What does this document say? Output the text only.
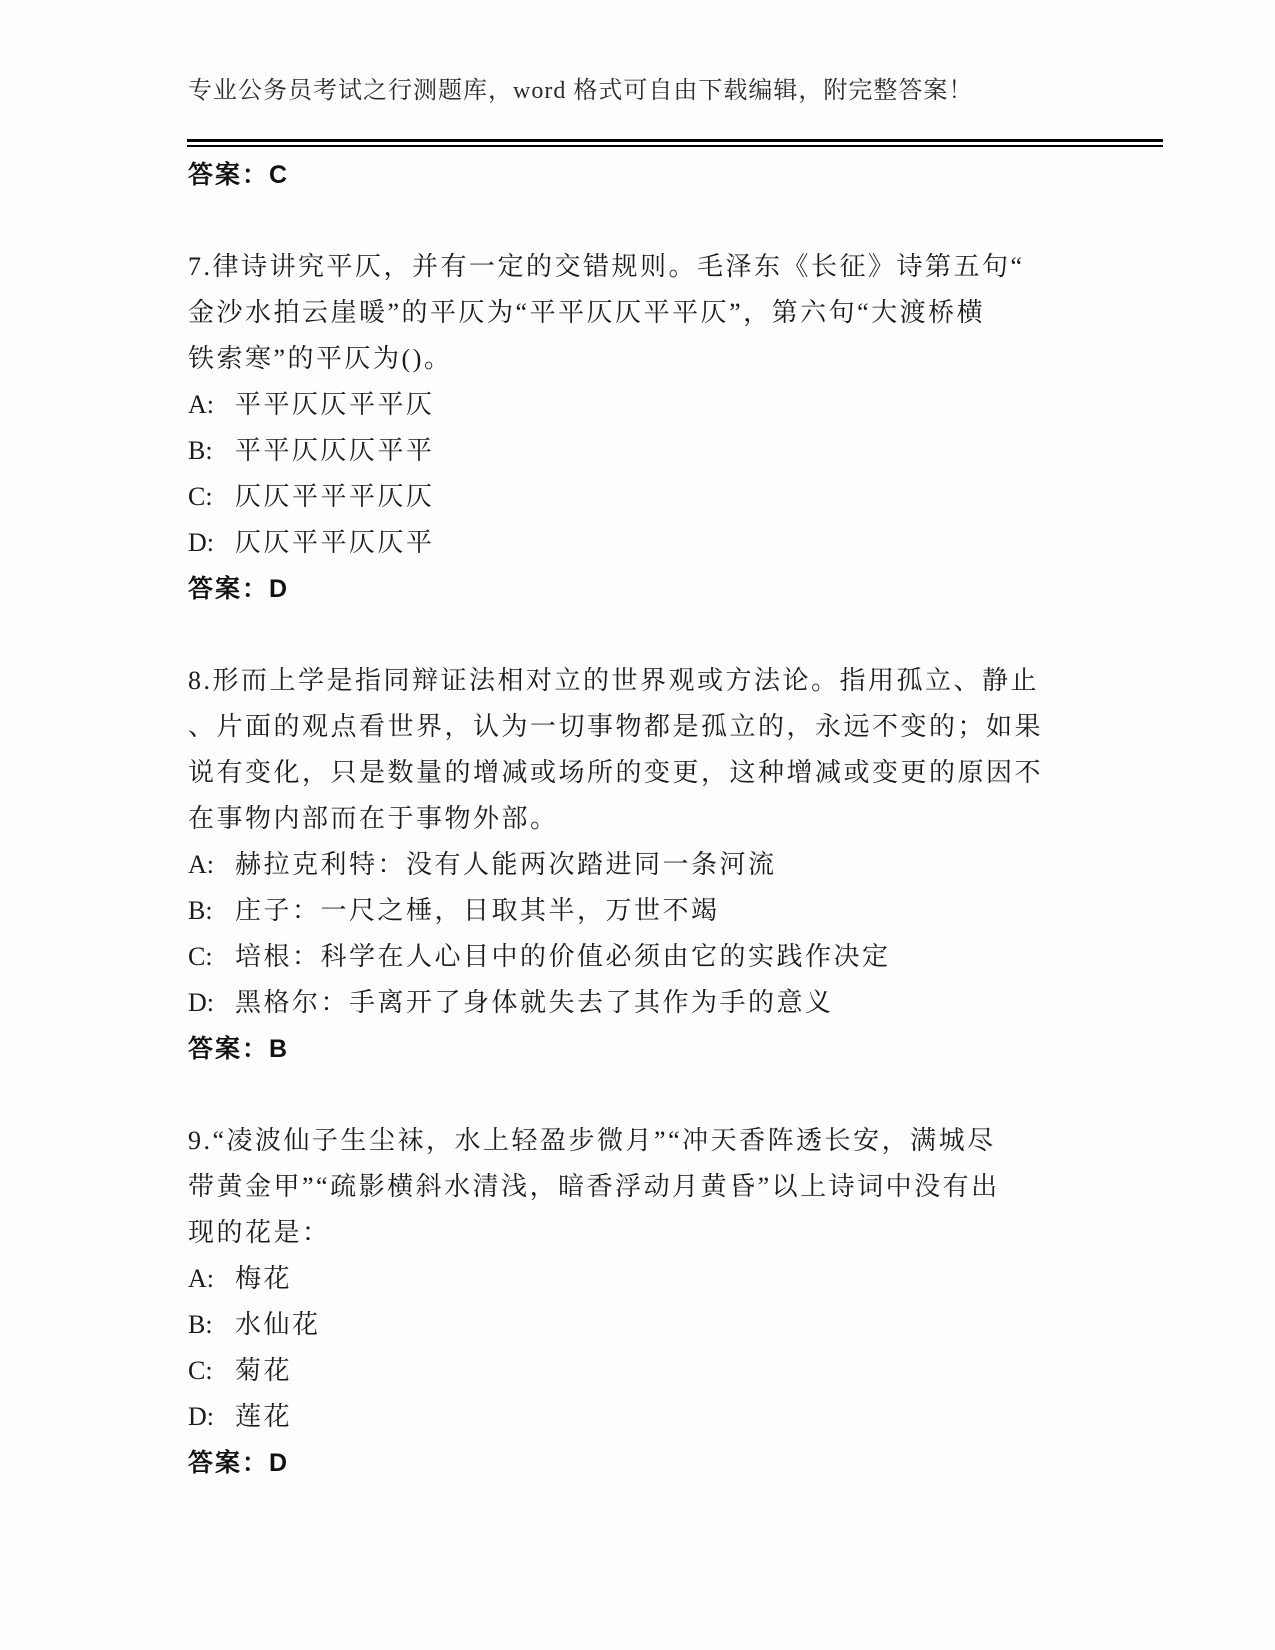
专业公务员考试之行测题库，word 格式可自由下载编辑，附完整答案！
答案：C
7.律诗讲究平仄，并有一定的交错规则。毛泽东《长征》诗第五句“
金沙水拍云崖暖”的平仄为“平平仄仄平平仄”，第六句“大渡桥横
铁索寒”的平仄为()。
A: 平平仄仄平平仄
B: 平平仄仄仄平平
C: 仄仄平平平仄仄
D: 仄仄平平仄仄平
答案：D
8.形而上学是指同辩证法相对立的世界观或方法论。指用孤立、静止
、片面的观点看世界，认为一切事物都是孤立的，永远不变的；如果
说有变化，只是数量的增减或场所的变更，这种增减或变更的原因不
在事物内部而在于事物外部。
A: 赫拉克利特：没有人能两次踏进同一条河流
B: 庄子：一尺之棰，日取其半，万世不竭
C: 培根：科学在人心目中的价值必须由它的实践作决定
D: 黑格尔：手离开了身体就失去了其作为手的意义
答案：B
9.“凌波仙子生尘袜，水上轻盈步微月”“冲天香阵透长安，满城尽
带黄金甲”“疏影横斜水清浅，暗香浮动月黄昏”以上诗词中没有出
现的花是：
A: 梅花
B: 水仙花
C: 菊花
D: 莲花
答案：D
